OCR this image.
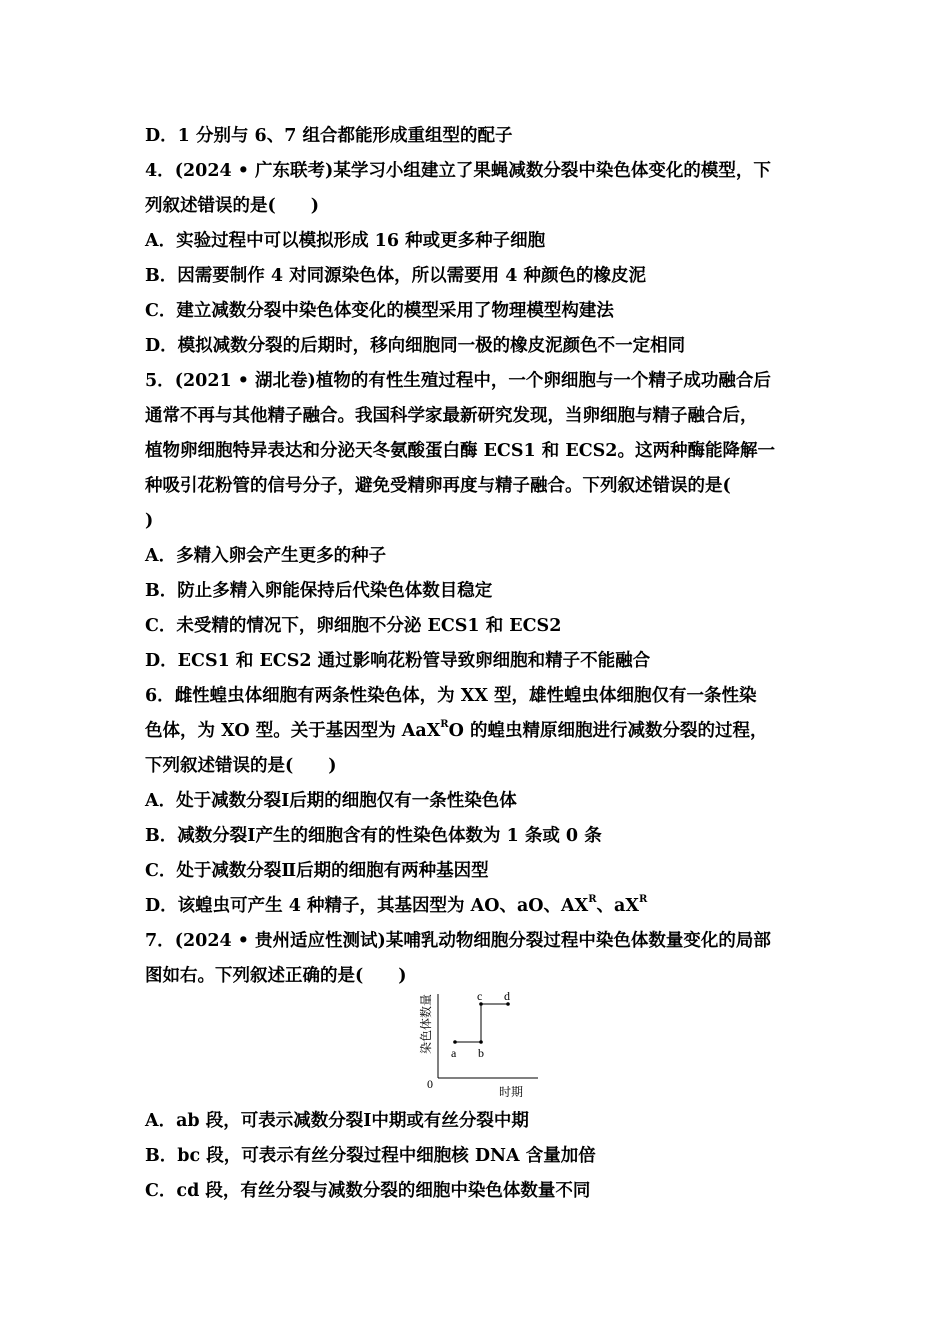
D．1 分别与 6、7 组合都能形成重组型的配子
4．(2024 • 广东联考)某学习小组建立了果蝇减数分裂中染色体变化的模型，下
列叙述错误的是(　　)
A．实验过程中可以模拟形成 16 种或更多种子细胞
B．因需要制作 4 对同源染色体，所以需要用 4 种颜色的橡皮泥
C．建立减数分裂中染色体变化的模型采用了物理模型构建法
D．模拟减数分裂的后期时，移向细胞同一极的橡皮泥颜色不一定相同
5．(2021 • 湖北卷)植物的有性生殖过程中，一个卵细胞与一个精子成功融合后
通常不再与其他精子融合。我国科学家最新研究发现，当卵细胞与精子融合后，
植物卵细胞特异表达和分泌天冬氨酸蛋白酶 ECS1 和 ECS2。这两种酶能降解一
种吸引花粉管的信号分子，避免受精卵再度与精子融合。下列叙述错误的是(
)
A．多精入卵会产生更多的种子
B．防止多精入卵能保持后代染色体数目稳定
C．未受精的情况下，卵细胞不分泌 ECS1 和 ECS2
D．ECS1 和 ECS2 通过影响花粉管导致卵细胞和精子不能融合
6．雌性蝗虫体细胞有两条性染色体，为 XX 型，雄性蝗虫体细胞仅有一条性染
色体，为 XO 型。关于基因型为 AaX$^R$O 的蝗虫精原细胞进行减数分裂的过程，
下列叙述错误的是(　　)
A．处于减数分裂Ⅰ后期的细胞仅有一条性染色体
B．减数分裂Ⅰ产生的细胞含有的性染色体数为 1 条或 0 条
C．处于减数分裂Ⅱ后期的细胞有两种基因型
D．该蝗虫可产生 4 种精子，其基因型为 AO、aO、$AX^R$、$aX^R$
7．(2024 • 贵州适应性测试)某哺乳动物细胞分裂过程中染色体数量变化的局部
图如右。下列叙述正确的是(　　)
染色体数量
时期
0
a b
c d
A．ab 段，可表示减数分裂Ⅰ中期或有丝分裂中期
B．bc 段，可表示有丝分裂过程中细胞核 DNA 含量加倍
C．cd 段，有丝分裂与减数分裂的细胞中染色体数量不同
